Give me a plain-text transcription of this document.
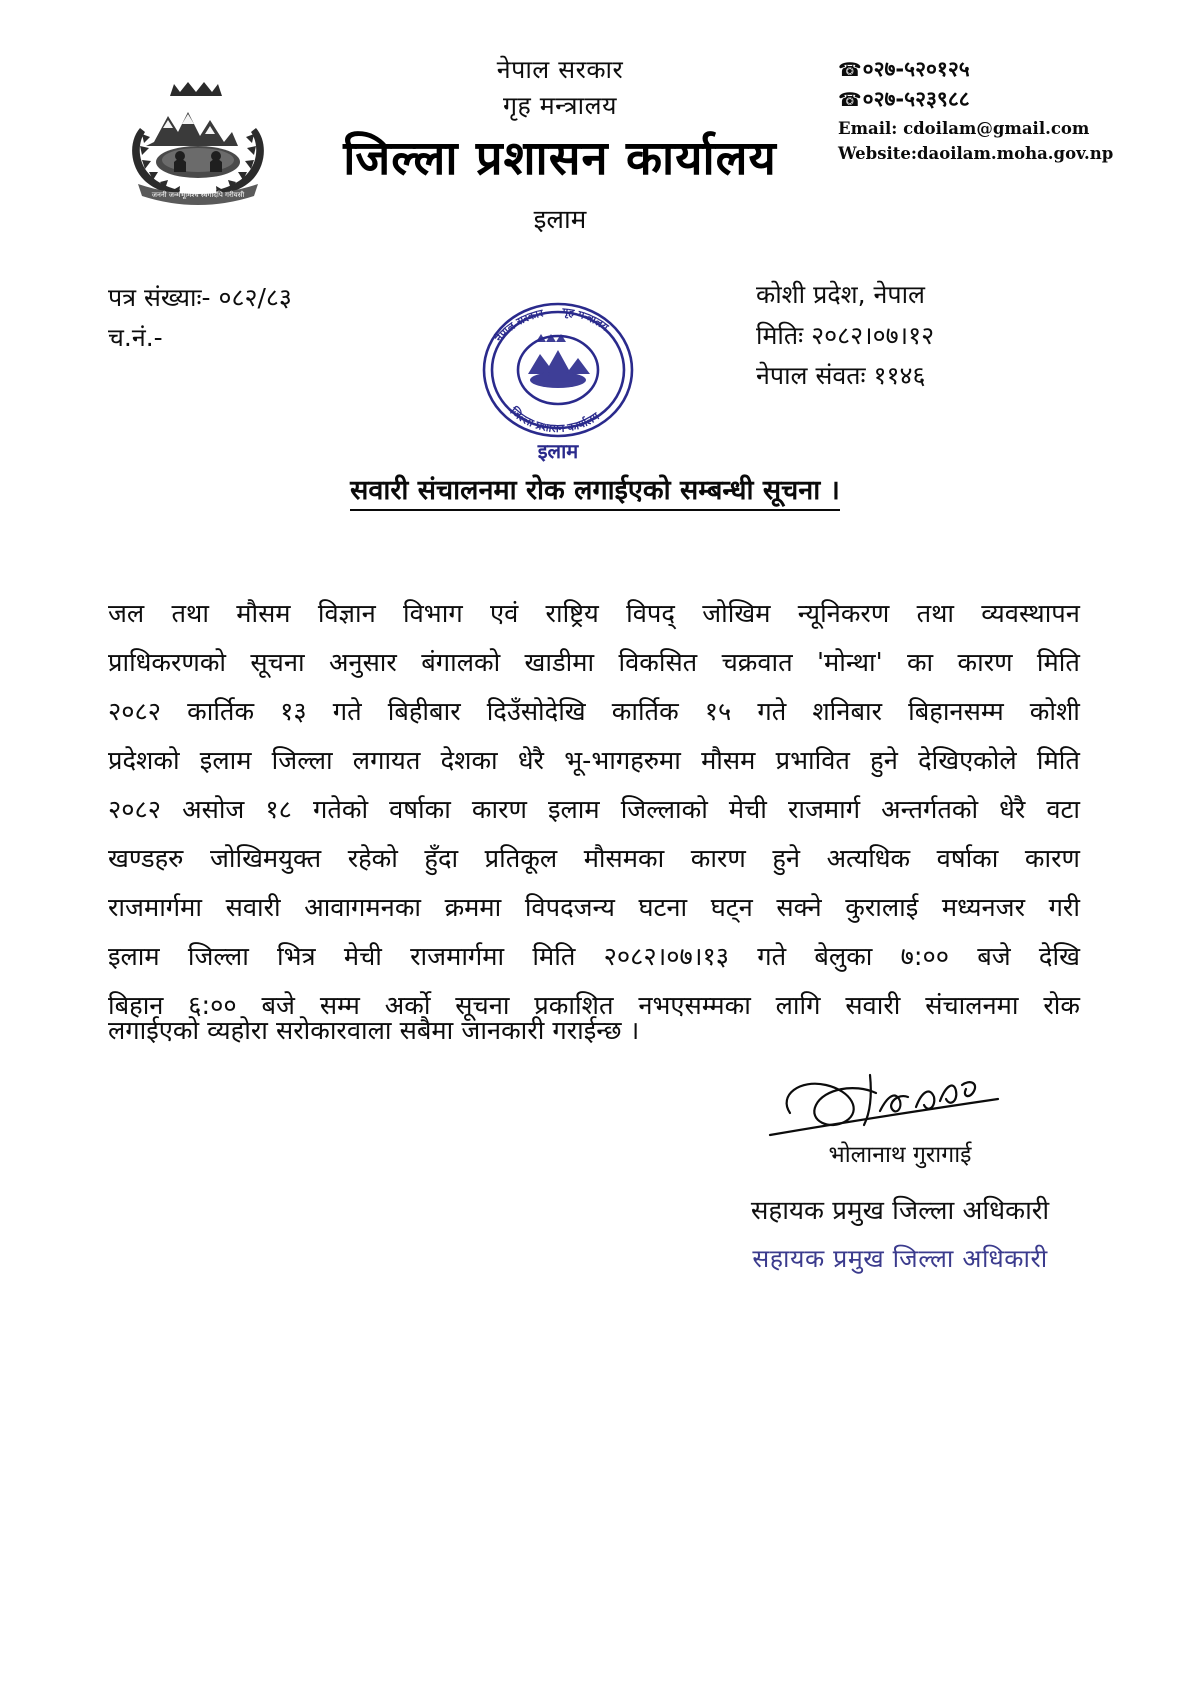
जननी जन्मभूमिश्च स्वर्गादपि गरीयसी
नेपाल सरकार
गृह मन्त्रालय
जिल्ला प्रशासन कार्यालय
इलाम
☎०२७-५२०१२५
☎०२७-५२३९८८
Email: cdoilam@gmail.com
Website:daoilam.moha.gov.np
पत्र संख्याः- ०८२/८३
च.नं.-
कोशी प्रदेश, नेपाल
मितिः २०८२।०७।१२
नेपाल संवतः ११४६
नेपाल सरकार गृह मन्त्रालय
जिल्ला प्रशासन कार्यालय
इलाम
सवारी संचालनमा रोक लगाईएको सम्बन्धी सूचना ।
जल तथा मौसम विज्ञान विभाग एवं राष्ट्रिय विपद् जोखिम न्यूनिकरण तथा व्यवस्थापन
प्राधिकरणको सूचना अनुसार बंगालको खाडीमा विकसित चक्रवात 'मोन्था' का कारण मिति
२०८२ कार्तिक १३ गते बिहीबार दिउँसोदेखि कार्तिक १५ गते शनिबार बिहानसम्म कोशी
प्रदेशको इलाम जिल्ला लगायत देशका धेरै भू-भागहरुमा मौसम प्रभावित हुने देखिएकोले मिति
२०८२ असोज १८ गतेको वर्षाका कारण इलाम जिल्लाको मेची राजमार्ग अन्तर्गतको धेरै वटा
खण्डहरु जोखिमयुक्त रहेको हुँदा प्रतिकूल मौसमका कारण हुने अत्यधिक वर्षाका कारण
राजमार्गमा सवारी आवागमनका क्रममा विपदजन्य घटना घट्न सक्ने कुरालाई मध्यनजर गरी
इलाम जिल्ला भित्र मेची राजमार्गमा मिति २०८२।०७।१३ गते बेलुका ७:०० बजे देखि
बिहान ६:०० बजे सम्म अर्को सूचना प्रकाशित नभएसम्मका लागि सवारी संचालनमा रोक
लगाईएको व्यहोरा सरोकारवाला सबैमा जानकारी गराईन्छ ।
भोलानाथ गुरागाई
सहायक प्रमुख जिल्ला अधिकारी
सहायक प्रमुख जिल्ला अधिकारी
